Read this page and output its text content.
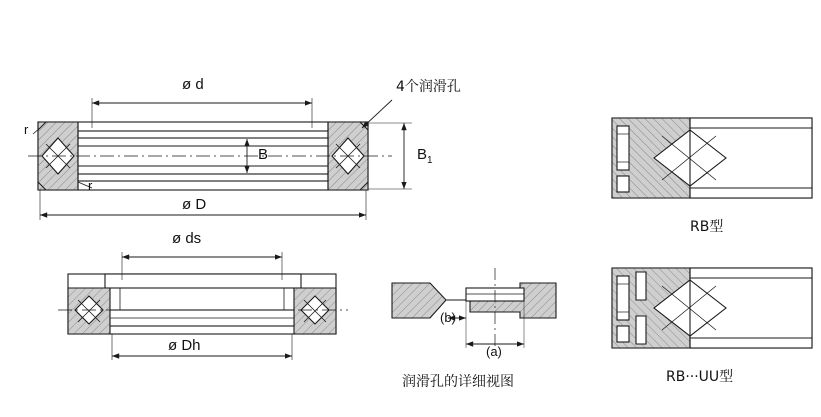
ø d
ø D
B	$B_1$
r
r
4个润滑孔
ø ds
ø Dh
(b)
(a)
润滑孔的详细视图
RB型
RB···UU型
